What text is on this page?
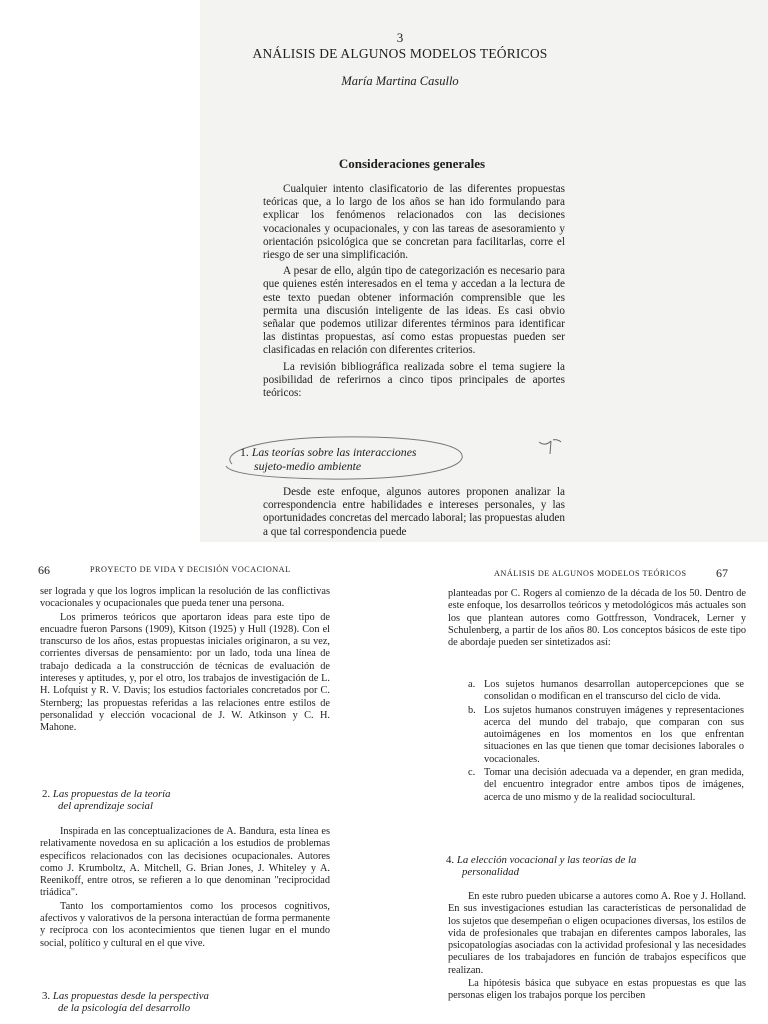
3
ANÁLISIS DE ALGUNOS MODELOS TEÓRICOS
María Martina Casullo
Consideraciones generales

Cualquier intento clasificatorio de las diferentes propuestas teóricas que, a lo largo de los años se han ido formulando para explicar los fenómenos relacionados con las decisiones vocacionales y ocupacionales, y con las tareas de asesoramiento y orientación psicológica que se concretan para facilitarlas, corre el riesgo de ser una simplificación.

A pesar de ello, algún tipo de categorización es necesario para que quienes estén interesados en el tema y accedan a la lectura de este texto puedan obtener información comprensible que les permita una discusión inteligente de las ideas. Es casi obvio señalar que podemos utilizar diferentes términos para identificar las distintas propuestas, así como estas propuestas pueden ser clasificadas en relación con diferentes criterios.

La revisión bibliográfica realizada sobre el tema sugiere la posibilidad de referirnos a cinco tipos principales de aportes teóricos:

1. Las teorías sobre las interacciones
sujeto-medio ambiente

Desde este enfoque, algunos autores proponen analizar la correspondencia entre habilidades e intereses personales, y las oportunidades concretas del mercado laboral; las propuestas aluden a que tal correspondencia puede

66	PROYECTO DE VIDA Y DECISIÓN VOCACIONAL

ser lograda y que los logros implican la resolución de las conflictivas vocacionales y ocupacionales que pueda tener una persona.

Los primeros teóricos que aportaron ideas para este tipo de encuadre fueron Parsons (1909), Kitson (1925) y Hull (1928). Con el transcurso de los años, estas propuestas iniciales originaron, a su vez, corrientes diversas de pensamiento: por un lado, toda una línea de trabajo dedicada a la construcción de técnicas de evaluación de intereses y aptitudes, y, por el otro, los trabajos de investigación de L. H. Lofquist y R. V. Davis; los estudios factoriales concretados por C. Sternberg; las propuestas referidas a las relaciones entre estilos de personalidad y elección vocacional de J. W. Atkinson y C. H. Mahone.

2. Las propuestas de la teoría
del aprendizaje social

Inspirada en las conceptualizaciones de A. Bandura, esta línea es relativamente novedosa en su aplicación a los estudios de problemas específicos relacionados con las decisiones ocupacionales. Autores como J. Krumboltz, A. Mitchell, G. Brian Jones, J. Whiteley y A. Reenikoff, entre otros, se refieren a lo que denominan "reciprocidad triádica".

Tanto los comportamientos como los procesos cognitivos, afectivos y valorativos de la persona interactúan de forma permanente y recíproca con los acontecimientos que tienen lugar en el mundo social, político y cultural en el que vive.

3. Las propuestas desde la perspectiva
de la psicología del desarrollo
ANÁLISIS DE ALGUNOS MODELOS TEÓRICOS 67

planteadas por C. Rogers al comienzo de la década de los 50. Dentro de este enfoque, los desarrollos teóricos y metodológicos más actuales son los que plantean autores como Gottfresson, Vondracek, Lerner y Schulenberg, a partir de los años 80. Los conceptos básicos de este tipo de abordaje pueden ser sintetizados así:

a. Los sujetos humanos desarrollan autopercepciones que se consolidan o modifican en el transcurso del ciclo de vida.
b. Los sujetos humanos construyen imágenes y representaciones acerca del mundo del trabajo, que comparan con sus autoimágenes en los momentos en los que enfrentan situaciones en las que tienen que tomar decisiones laborales o vocacionales.
c. Tomar una decisión adecuada va a depender, en gran medida, del encuentro integrador entre ambos tipos de imágenes, acerca de uno mismo y de la realidad sociocultural.
4. La elección vocacional y las teorías de la
personalidad

En este rubro pueden ubicarse a autores como A. Roe y J. Holland. En sus investigaciones estudian las características de personalidad de los sujetos que desempeñan o eligen ocupaciones diversas, los estilos de vida de profesionales que trabajan en diferentes campos laborales, las psicopatologías asociadas con la actividad profesional y las necesidades peculiares de los trabajadores en función de trabajos específicos que realizan.

La hipótesis básica que subyace en estas propuestas es que las personas eligen los trabajos porque los perciben
